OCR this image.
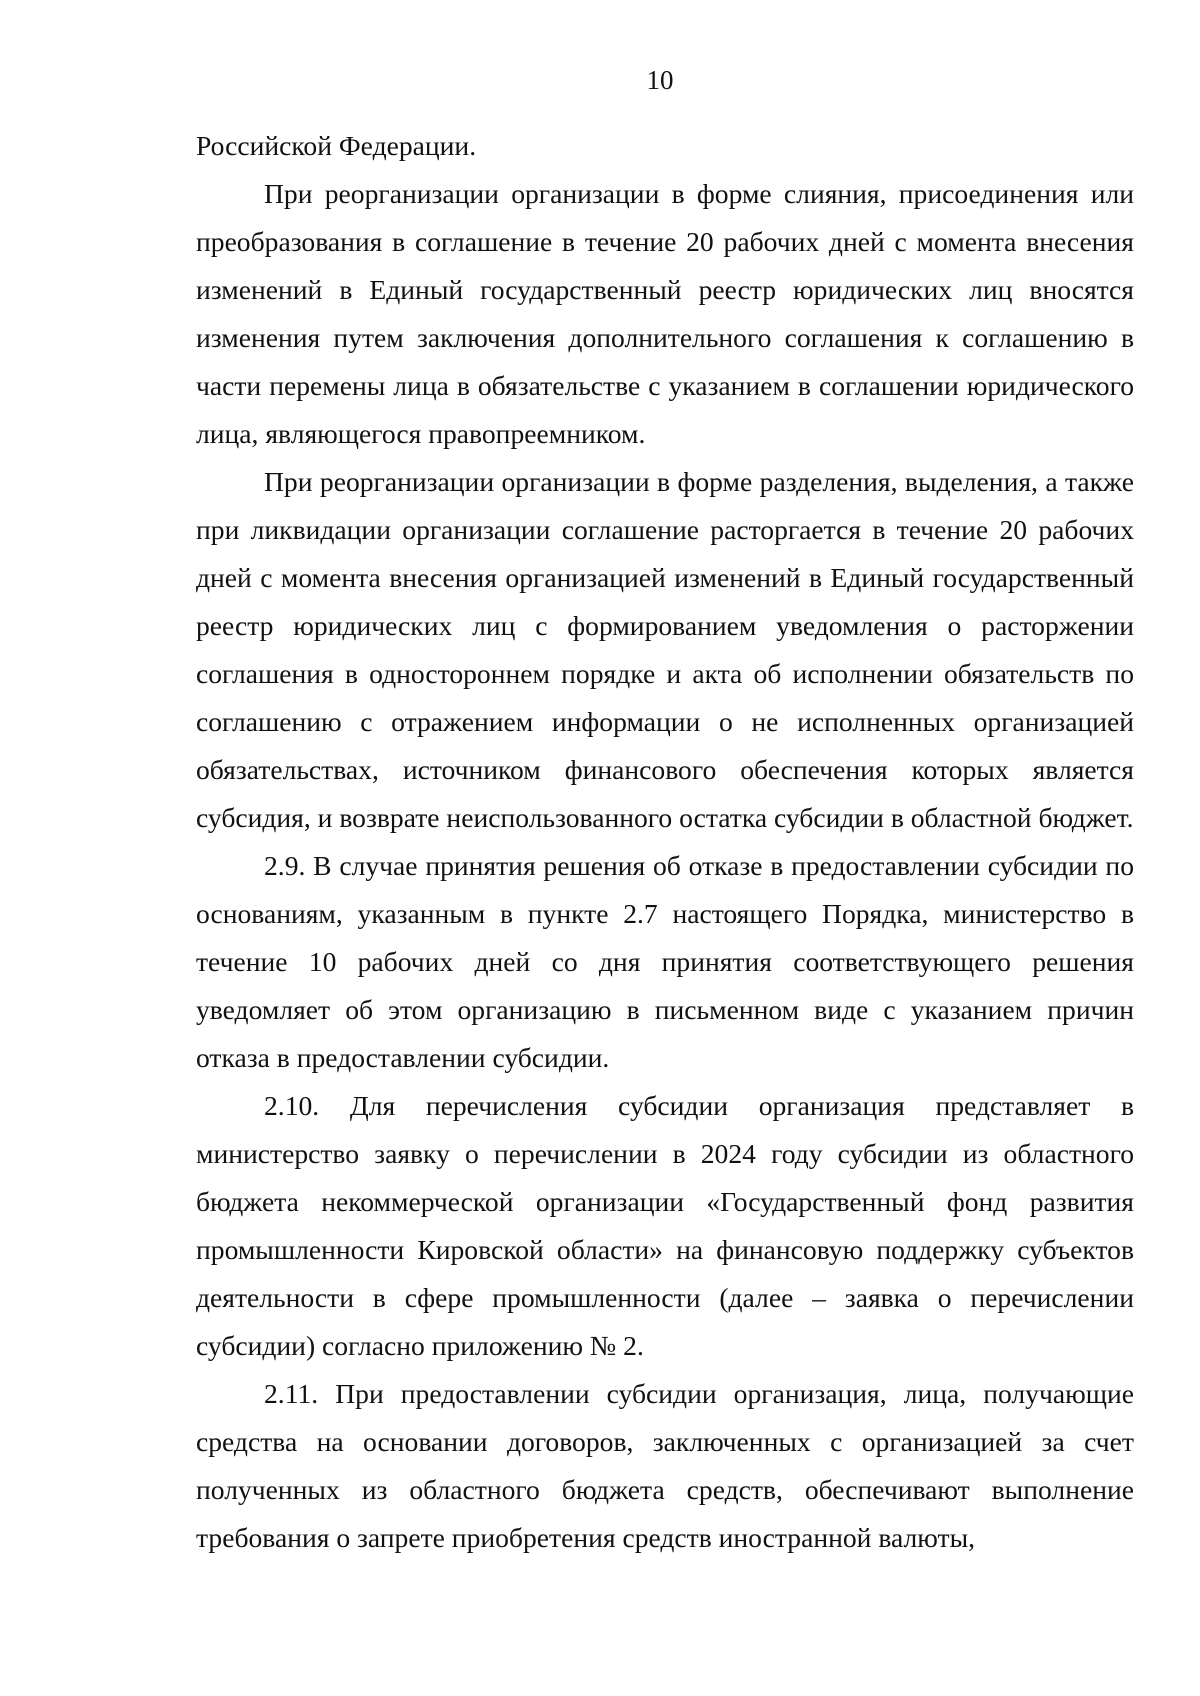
10

Российской Федерации.

При реорганизации организации в форме слияния, присоединения или преобразования в соглашение в течение 20 рабочих дней с момента внесения изменений в Единый государственный реестр юридических лиц вносятся изменения путем заключения дополнительного соглашения к соглашению в части перемены лица в обязательстве с указанием в соглашении юридического лица, являющегося правопреемником.

При реорганизации организации в форме разделения, выделения, а также при ликвидации организации соглашение расторгается в течение 20 рабочих дней с момента внесения организацией изменений в Единый государственный реестр юридических лиц с формированием уведомления о расторжении соглашения в одностороннем порядке и акта об исполнении обязательств по соглашению с отражением информации о не исполненных организацией обязательствах, источником финансового обеспечения которых является субсидия, и возврате неиспользованного остатка субсидии в областной бюджет.

2.9. В случае принятия решения об отказе в предоставлении субсидии по основаниям, указанным в пункте 2.7 настоящего Порядка, министерство в течение 10 рабочих дней со дня принятия соответствующего решения уведомляет об этом организацию в письменном виде с указанием причин отказа в предоставлении субсидии.

2.10. Для перечисления субсидии организация представляет в министерство заявку о перечислении в 2024 году субсидии из областного бюджета некоммерческой организации «Государственный фонд развития промышленности Кировской области» на финансовую поддержку субъектов деятельности в сфере промышленности (далее – заявка о перечислении субсидии) согласно приложению № 2.

2.11. При предоставлении субсидии организация, лица, получающие средства на основании договоров, заключенных с организацией за счет полученных из областного бюджета средств, обеспечивают выполнение требования о запрете приобретения средств иностранной валюты,
